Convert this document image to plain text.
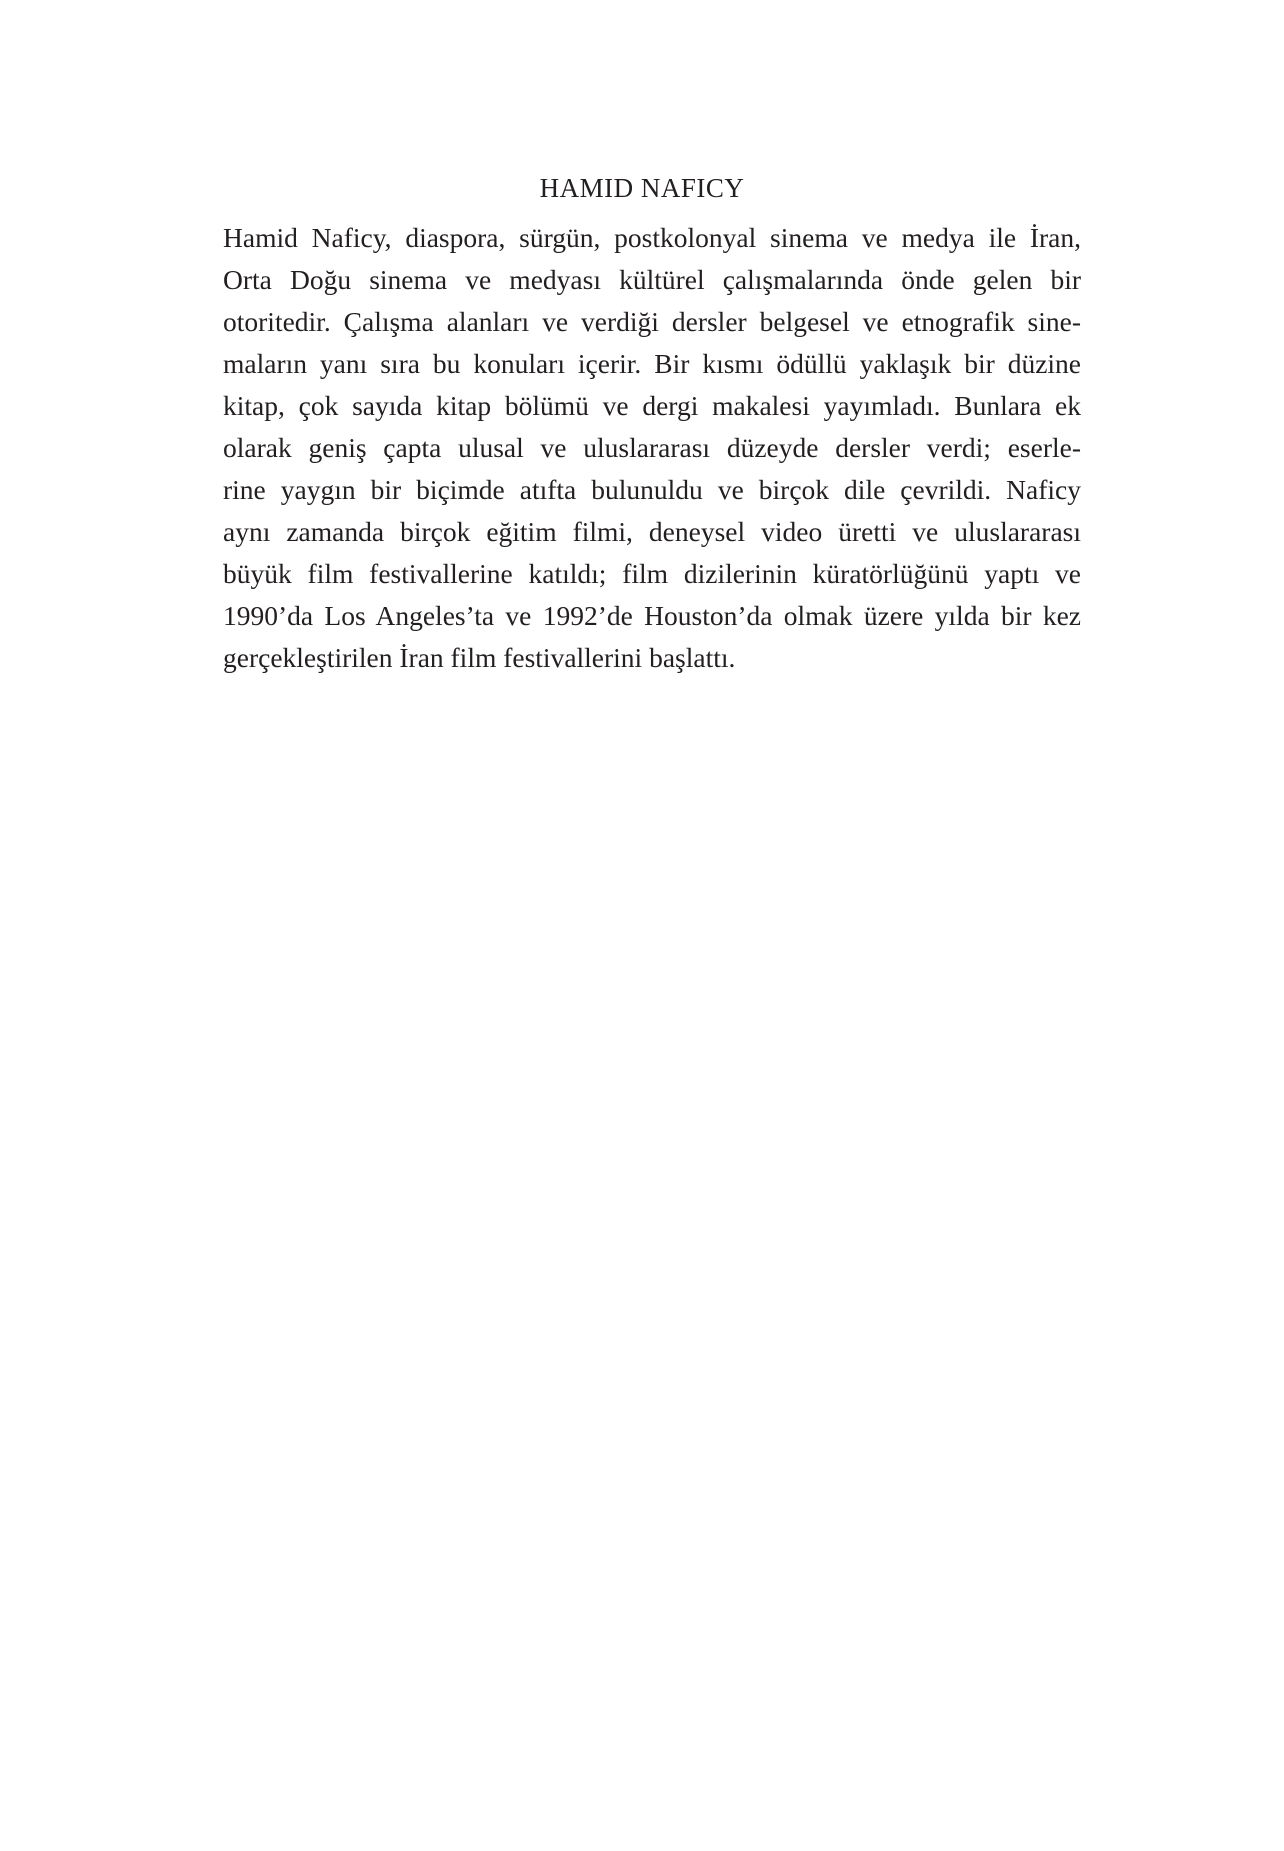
HAMID NAFICY
Hamid Naficy, diaspora, sürgün, postkolonyal sinema ve medya ile İran,
Orta Doğu sinema ve medyası kültürel çalışmalarında önde gelen bir
otoritedir. Çalışma alanları ve verdiği dersler belgesel ve etnografik sine-
maların yanı sıra bu konuları içerir. Bir kısmı ödüllü yaklaşık bir düzine
kitap, çok sayıda kitap bölümü ve dergi makalesi yayımladı. Bunlara ek
olarak geniş çapta ulusal ve uluslararası düzeyde dersler verdi; eserle-
rine yaygın bir biçimde atıfta bulunuldu ve birçok dile çevrildi. Naficy
aynı zamanda birçok eğitim filmi, deneysel video üretti ve uluslararası
büyük film festivallerine katıldı; film dizilerinin küratörlüğünü yaptı ve
1990’da Los Angeles’ta ve 1992’de Houston’da olmak üzere yılda bir kez
gerçekleştirilen İran film festivallerini başlattı.
